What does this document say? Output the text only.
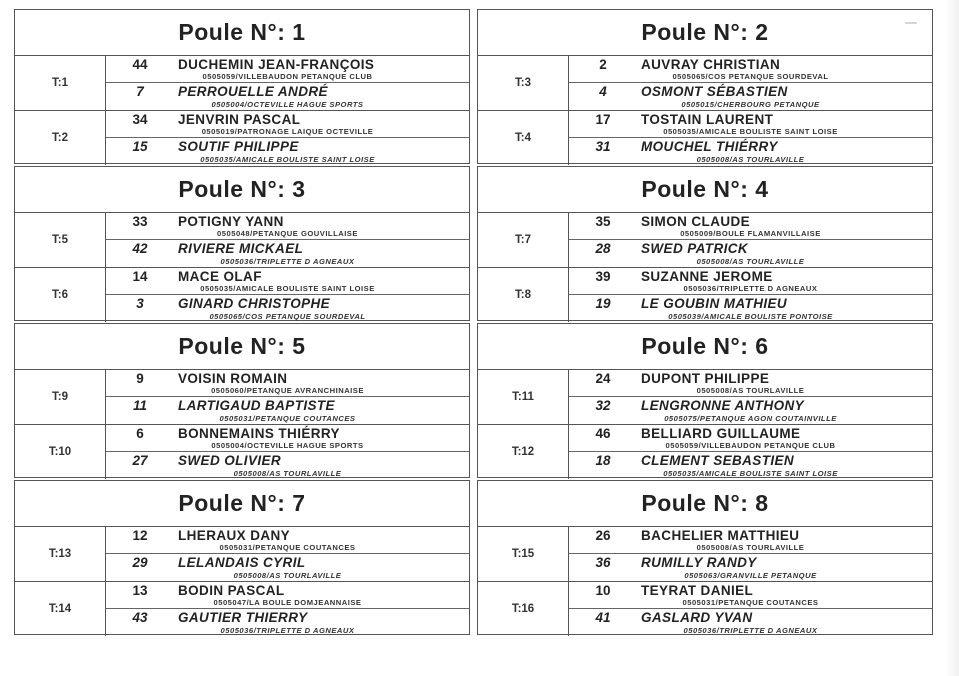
Poule N°: 1
T:1
44	DUCHEMIN JEAN-FRANÇOIS
0505059/VILLEBAUDON PETANQUE CLUB
7	PERROUELLE ANDRÉ
0505004/OCTEVILLE HAGUE SPORTS
T:2
34	JENVRIN PASCAL
0505019/PATRONAGE LAIQUE OCTEVILLE
15	SOUTIF PHILIPPE
0505035/AMICALE BOULISTE SAINT LOISE
Poule N°: 2
T:3
2	AUVRAY CHRISTIAN
0505065/COS PETANQUE SOURDEVAL
4	OSMONT SÉBASTIEN
0505015/CHERBOURG PETANQUE
T:4
17	TOSTAIN LAURENT
0505035/AMICALE BOULISTE SAINT LOISE
31	MOUCHEL THIÉRRY
0505008/AS TOURLAVILLE
Poule N°: 3
T:5
33	POTIGNY YANN
0505048/PETANQUE GOUVILLAISE
42	RIVIERE MICKAEL
0505036/TRIPLETTE D AGNEAUX
T:6
14	MACE OLAF
0505035/AMICALE BOULISTE SAINT LOISE
3	GINARD CHRISTOPHE
0505065/COS PETANQUE SOURDEVAL
Poule N°: 4
T:7
35	SIMON CLAUDE
0505009/BOULE FLAMANVILLAISE
28	SWED PATRICK
0505008/AS TOURLAVILLE
T:8
39	SUZANNE JEROME
0505036/TRIPLETTE D AGNEAUX
19	LE GOUBIN MATHIEU
0505039/AMICALE BOULISTE PONTOISE
Poule N°: 5
T:9
9	VOISIN ROMAIN
0505060/PETANQUE AVRANCHINAISE
11	LARTIGAUD BAPTISTE
0505031/PETANQUE COUTANCES
T:10
6	BONNEMAINS THIÉRRY
0505004/OCTEVILLE HAGUE SPORTS
27	SWED OLIVIER
0505008/AS TOURLAVILLE
Poule N°: 6
T:11
24	DUPONT PHILIPPE
0505008/AS TOURLAVILLE
32	LENGRONNE ANTHONY
0505075/PETANQUE AGON COUTAINVILLE
T:12
46	BELLIARD GUILLAUME
0505059/VILLEBAUDON PETANQUE CLUB
18	CLEMENT SEBASTIEN
0505035/AMICALE BOULISTE SAINT LOISE
Poule N°: 7
T:13
12	LHERAUX DANY
0505031/PETANQUE COUTANCES
29	LELANDAIS CYRIL
0505008/AS TOURLAVILLE
T:14
13	BODIN PASCAL
0505047/LA BOULE DOMJEANNAISE
43	GAUTIER THIERRY
0505036/TRIPLETTE D AGNEAUX
Poule N°: 8
T:15
26	BACHELIER MATTHIEU
0505008/AS TOURLAVILLE
36	RUMILLY RANDY
0505063/GRANVILLE PETANQUE
T:16
10	TEYRAT DANIEL
0505031/PETANQUE COUTANCES
41	GASLARD YVAN
0505036/TRIPLETTE D AGNEAUX
